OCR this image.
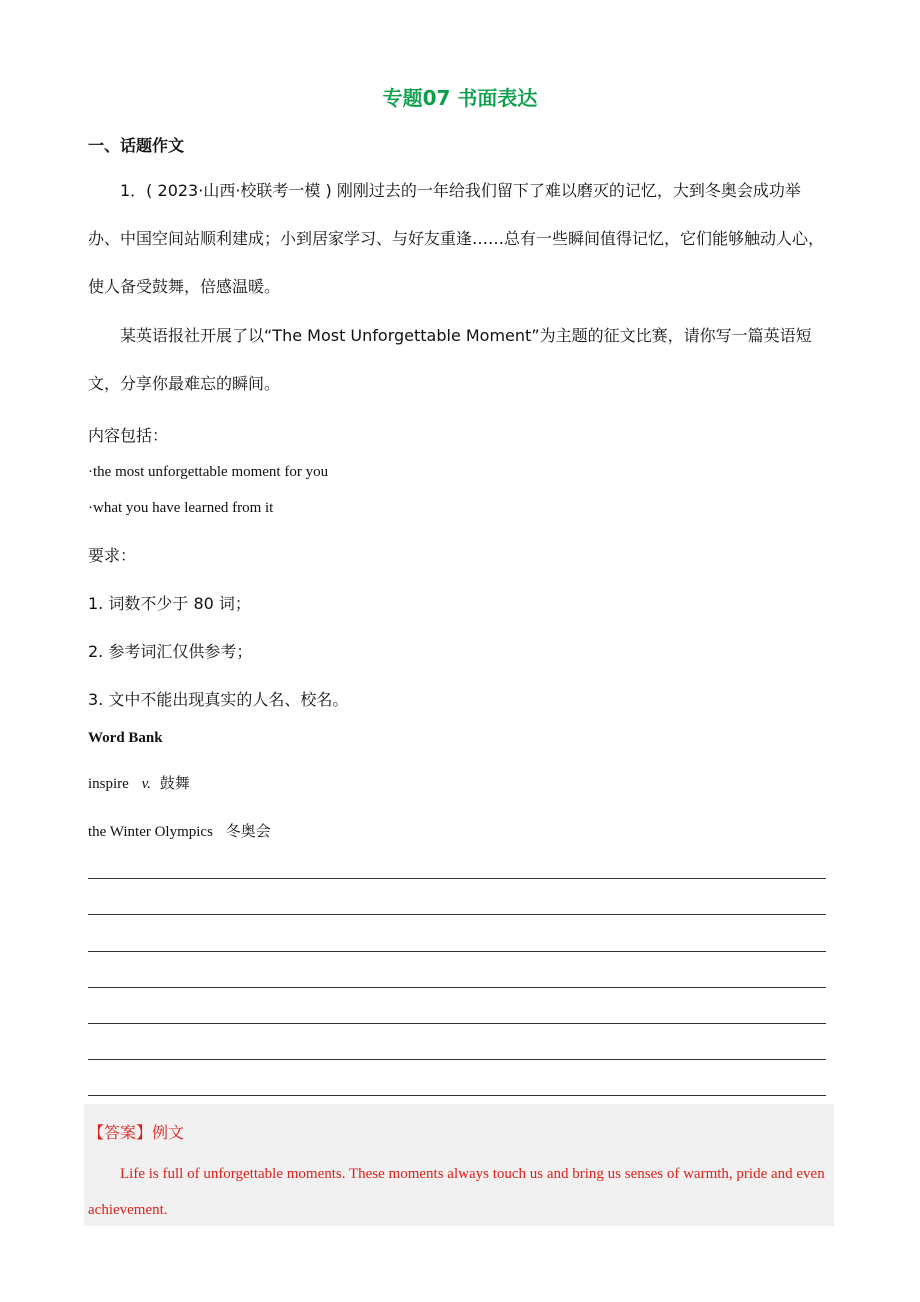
专题07 书面表达
一、话题作文
1．( 2023·山西·校联考一模 ) 刚刚过去的一年给我们留下了难以磨灭的记忆，大到冬奥会成功举办、中国空间站顺利建成；小到居家学习、与好友重逢……总有一些瞬间值得记忆，它们能够触动人心，使人备受鼓舞，倍感温暖。
某英语报社开展了以“The Most Unforgettable Moment”为主题的征文比赛，请你写一篇英语短文，分享你最难忘的瞬间。
内容包括：
·the most unforgettable moment for you
·what you have learned from it
要求：
1. 词数不少于 80 词；
2. 参考词汇仅供参考；
3. 文中不能出现真实的人名、校名。
Word Bank
inspire v. 鼓舞
the Winter Olympics 冬奥会
【答案】例文
Life is full of unforgettable moments. These moments always touch us and bring us senses of warmth, pride and even achievement.
